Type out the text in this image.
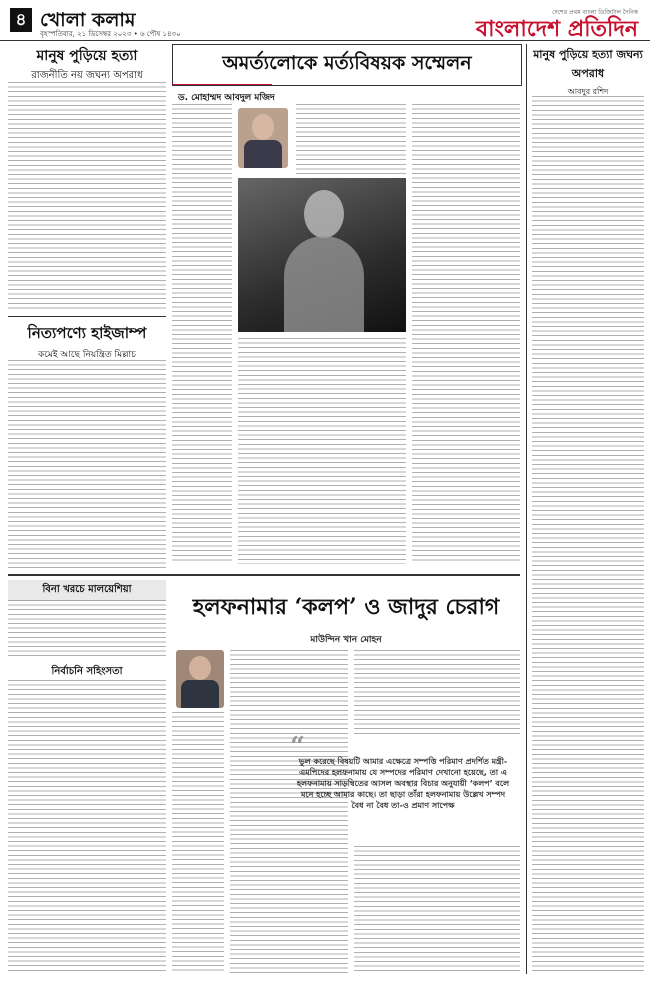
৪ খোলা কলাম
বৃহস্পতিবার, ২১ ডিসেম্বর ২০২৩ • ৬ পৌষ ১৪৩০
দেশের প্রথম বাংলা ডিজিটাল দৈনিক
বাংলাদেশ প্রতিদিন
মানুষ পুড়িয়ে হত্যা
রাজনীতি নয় জঘন্য অপরাধ
অমর্ত্যলোকে মর্ত্যবিষয়ক সম্মেলন
ড. মোহাম্মদ আবদুল মজিদ
নিত্যপণ্যে হাইজাম্প
কমেই আছে নিয়ন্ত্রিত মিল্লাচ
মানুষ পুড়িয়ে হত্যা জঘন্য অপরাধ
আবদুর রশিদ
বিনা খরচে মালয়েশিয়া
নির্বাচনি সহিংসতা
হলফনামার ‘কলপ’ ও জাদুর চেরাগ
মাউন্দিন খান মোহন
“
ভুল করেছে বিষয়টি আমার এক্ষেত্রে সম্পত্তি পরিমাণ প্রদর্শিত মন্ত্রী-এমপিদের হলফনামায় যে সম্পদের পরিমাণ দেখানো হয়েছে, তা এ হলফনামায় সাড়ম্বিতের আসল অবস্থার বিচার অনুযায়ী ‘কলপ’ বলে মনে হচ্ছে আমার কাছে। তা ছাড়া তাঁরা হলফনামায় উল্লেখ সম্পদ বৈধ না বৈধ তা-ও প্রমাণ সাপেক্ষ
